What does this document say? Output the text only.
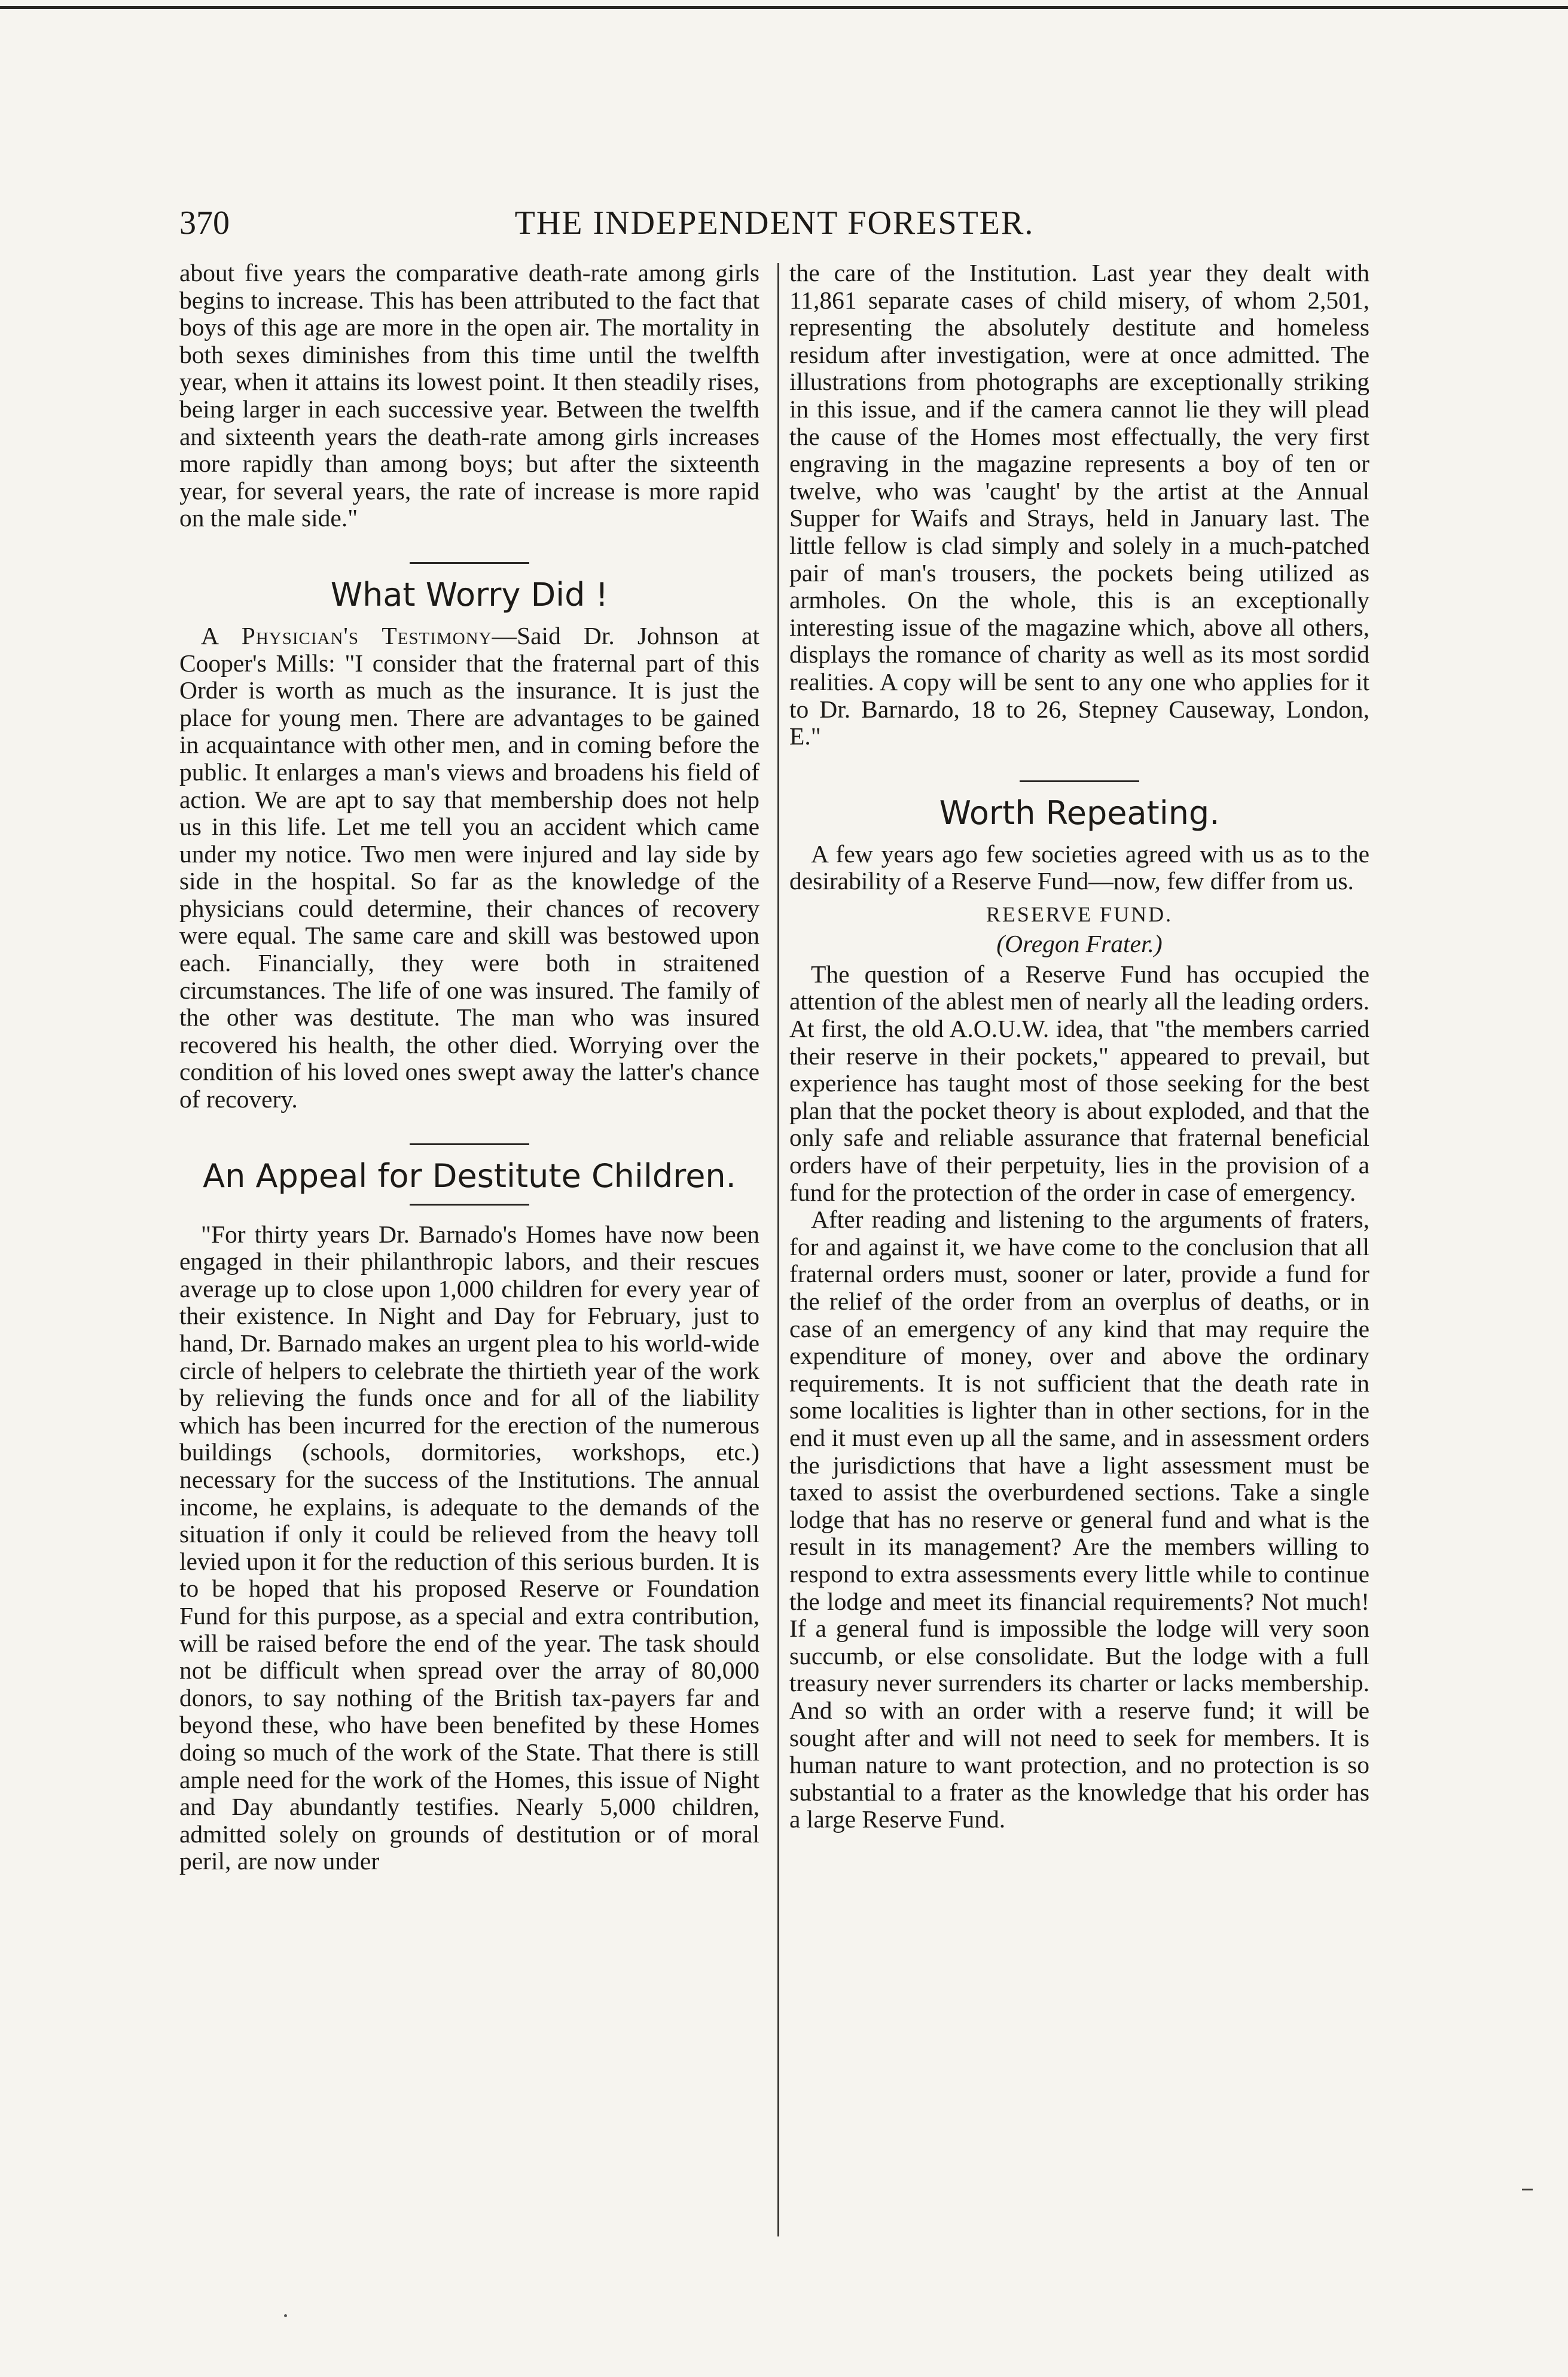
THE INDEPENDENT FORESTER.
370

about five years the comparative death-rate among girls begins to increase. This has been attributed to the fact that boys of this age are more in the open air. The mortality in both sexes diminishes from this time until the twelfth year, when it attains its lowest point. It then steadily rises, being larger in each successive year. Between the twelfth and sixteenth years the death-rate among girls increases more rapidly than among boys; but after the sixteenth year, for several years, the rate of increase is more rapid on the male side."

What Worry Did !

A Physician's Testimony—Said Dr. Johnson at Cooper's Mills: "I consider that the fraternal part of this Order is worth as much as the insurance. It is just the place for young men. There are advantages to be gained in acquaintance with other men, and in coming before the public. It enlarges a man's views and broadens his field of action. We are apt to say that membership does not help us in this life. Let me tell you an accident which came under my notice. Two men were injured and lay side by side in the hospital. So far as the knowledge of the physicians could determine, their chances of recovery were equal. The same care and skill was bestowed upon each. Financially, they were both in straitened circumstances. The life of one was insured. The family of the other was destitute. The man who was insured recovered his health, the other died. Worrying over the condition of his loved ones swept away the latter's chance of recovery.

An Appeal for Destitute Children.

"For thirty years Dr. Barnado's Homes have now been engaged in their philanthropic labors, and their rescues average up to close upon 1,000 children for every year of their existence. In Night and Day for February, just to hand, Dr. Barnado makes an urgent plea to his world-wide circle of helpers to celebrate the thirtieth year of the work by relieving the funds once and for all of the liability which has been incurred for the erection of the numerous buildings (schools, dormitories, workshops, etc.) necessary for the success of the Institutions. The annual income, he explains, is adequate to the demands of the situation if only it could be relieved from the heavy toll levied upon it for the reduction of this serious burden. It is to be hoped that his proposed Reserve or Foundation Fund for this purpose, as a special and extra contribution, will be raised before the end of the year. The task should not be difficult when spread over the array of 80,000 donors, to say nothing of the British tax-payers far and beyond these, who have been benefited by these Homes doing so much of the work of the State. That there is still ample need for the work of the Homes, this issue of Night and Day abundantly testifies. Nearly 5,000 children, admitted solely on grounds of destitution or of moral peril, are now under

the care of the Institution. Last year they dealt with 11,861 separate cases of child misery, of whom 2,501, representing the absolutely destitute and homeless residum after investigation, were at once admitted. The illustrations from photographs are exceptionally striking in this issue, and if the camera cannot lie they will plead the cause of the Homes most effectually, the very first engraving in the magazine represents a boy of ten or twelve, who was 'caught' by the artist at the Annual Supper for Waifs and Strays, held in January last. The little fellow is clad simply and solely in a much-patched pair of man's trousers, the pockets being utilized as armholes. On the whole, this is an exceptionally interesting issue of the magazine which, above all others, displays the romance of charity as well as its most sordid realities. A copy will be sent to any one who applies for it to Dr. Barnardo, 18 to 26, Stepney Causeway, London, E."

Worth Repeating.

A few years ago few societies agreed with us as to the desirability of a Reserve Fund—now, few differ from us.

RESERVE FUND.

(Oregon Frater.)

The question of a Reserve Fund has occupied the attention of the ablest men of nearly all the leading orders. At first, the old A.O.U.W. idea, that "the members carried their reserve in their pockets," appeared to prevail, but experience has taught most of those seeking for the best plan that the pocket theory is about exploded, and that the only safe and reliable assurance that fraternal beneficial orders have of their perpetuity, lies in the provision of a fund for the protection of the order in case of emergency.

After reading and listening to the arguments of fraters, for and against it, we have come to the conclusion that all fraternal orders must, sooner or later, provide a fund for the relief of the order from an overplus of deaths, or in case of an emergency of any kind that may require the expenditure of money, over and above the ordinary requirements. It is not sufficient that the death rate in some localities is lighter than in other sections, for in the end it must even up all the same, and in assessment orders the jurisdictions that have a light assessment must be taxed to assist the overburdened sections. Take a single lodge that has no reserve or general fund and what is the result in its management? Are the members willing to respond to extra assessments every little while to continue the lodge and meet its financial requirements? Not much! If a general fund is impossible the lodge will very soon succumb, or else consolidate. But the lodge with a full treasury never surrenders its charter or lacks membership. And so with an order with a reserve fund; it will be sought after and will not need to seek for members. It is human nature to want protection, and no protection is so substantial to a frater as the knowledge that his order has a large Reserve Fund.
